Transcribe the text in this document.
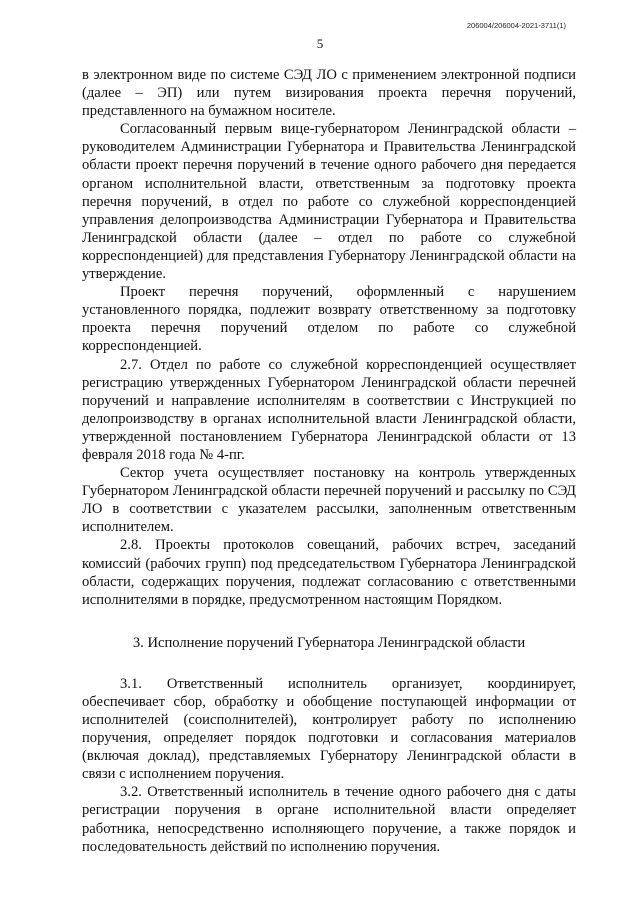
206004/206004-2021-3711(1)
5

в электронном виде по системе СЭД ЛО с применением электронной подписи (далее – ЭП) или путем визирования проекта перечня поручений, представленного на бумажном носителе.

Согласованный первым вице-губернатором Ленинградской области – руководителем Администрации Губернатора и Правительства Ленинградской области проект перечня поручений в течение одного рабочего дня передается органом исполнительной власти, ответственным за подготовку проекта перечня поручений, в отдел по работе со служебной корреспонденцией управления делопроизводства Администрации Губернатора и Правительства Ленинградской области (далее – отдел по работе со служебной корреспонденцией) для представления Губернатору Ленинградской области на утверждение.

Проект перечня поручений, оформленный с нарушением установленного порядка, подлежит возврату ответственному за подготовку проекта перечня поручений отделом по работе со служебной корреспонденцией.

2.7. Отдел по работе со служебной корреспонденцией осуществляет регистрацию утвержденных Губернатором Ленинградской области перечней поручений и направление исполнителям в соответствии с Инструкцией по делопроизводству в органах исполнительной власти Ленинградской области, утвержденной постановлением Губернатора Ленинградской области от 13 февраля 2018 года № 4-пг.

Сектор учета осуществляет постановку на контроль утвержденных Губернатором Ленинградской области перечней поручений и рассылку по СЭД ЛО в соответствии с указателем рассылки, заполненным ответственным исполнителем.

2.8. Проекты протоколов совещаний, рабочих встреч, заседаний комиссий (рабочих групп) под председательством Губернатора Ленинградской области, содержащих поручения, подлежат согласованию с ответственными исполнителями в порядке, предусмотренном настоящим Порядком.

3. Исполнение поручений Губернатора Ленинградской области

3.1. Ответственный исполнитель организует, координирует, обеспечивает сбор, обработку и обобщение поступающей информации от исполнителей (соисполнителей), контролирует работу по исполнению поручения, определяет порядок подготовки и согласования материалов (включая доклад), представляемых Губернатору Ленинградской области в связи с исполнением поручения.

3.2. Ответственный исполнитель в течение одного рабочего дня с даты регистрации поручения в органе исполнительной власти определяет работника, непосредственно исполняющего поручение, а также порядок и последовательность действий по исполнению поручения.
